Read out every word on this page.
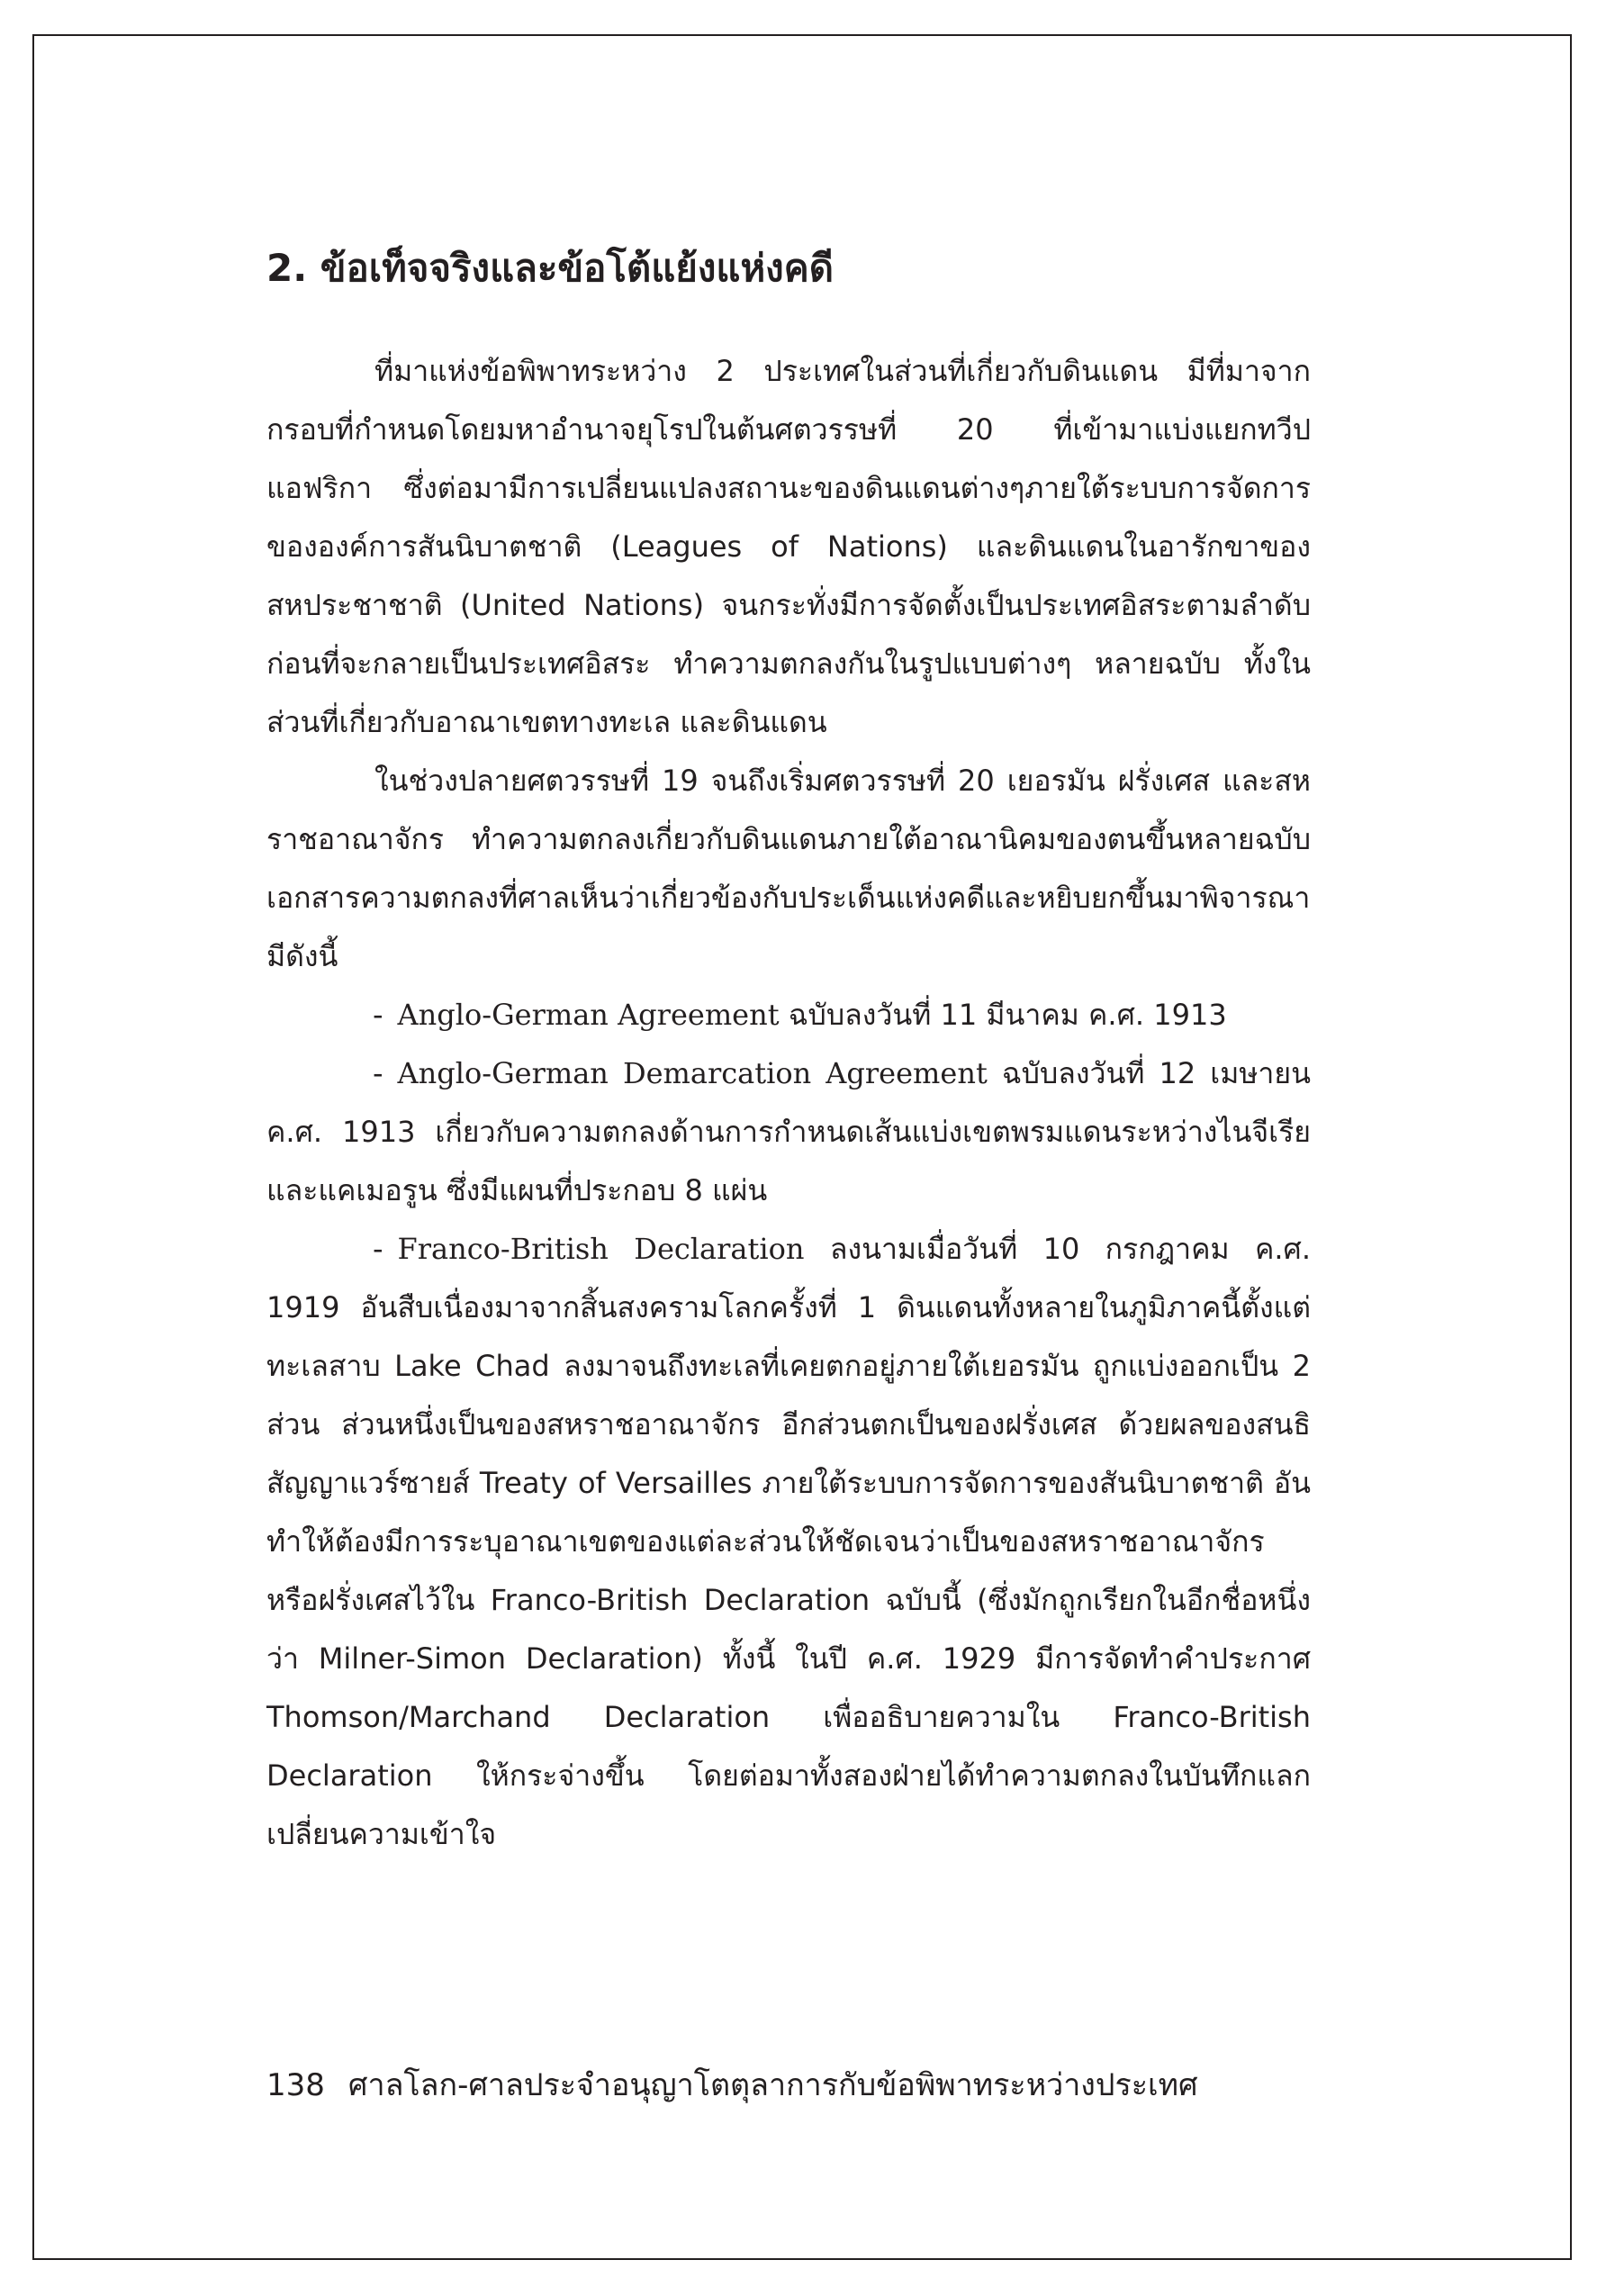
2. ข้อเท็จจริงและข้อโต้แย้งแห่งคดี

ที่มาแห่งข้อพิพาทระหว่าง 2 ประเทศในส่วนที่เกี่ยวกับดินแดน มีที่มาจากกรอบที่กำหนดโดยมหาอำนาจยุโรปในต้นศตวรรษที่ 20 ที่เข้ามาแบ่งแยกทวีปแอฟริกา ซึ่งต่อมามีการเปลี่ยนแปลงสถานะของดินแดนต่างๆภายใต้ระบบการจัดการขององค์การสันนิบาตชาติ (Leagues of Nations) และดินแดนในอารักขาของสหประชาชาติ (United Nations) จนกระทั่งมีการจัดตั้งเป็นประเทศอิสระตามลำดับ ก่อนที่จะกลายเป็นประเทศอิสระ ทำความตกลงกันในรูปแบบต่างๆ หลายฉบับ ทั้งในส่วนที่เกี่ยวกับอาณาเขตทางทะเล และดินแดน

ในช่วงปลายศตวรรษที่ 19 จนถึงเริ่มศตวรรษที่ 20 เยอรมัน ฝรั่งเศส และสหราชอาณาจักร ทำความตกลงเกี่ยวกับดินแดนภายใต้อาณานิคมของตนขึ้นหลายฉบับ เอกสารความตกลงที่ศาลเห็นว่าเกี่ยวข้องกับประเด็นแห่งคดีและหยิบยกขึ้นมาพิจารณา มีดังนี้

- Anglo-German Agreement ฉบับลงวันที่ 11 มีนาคม ค.ศ. 1913

- Anglo-German Demarcation Agreement ฉบับลงวันที่ 12 เมษายน ค.ศ. 1913 เกี่ยวกับความตกลงด้านการกำหนดเส้นแบ่งเขตพรมแดนระหว่างไนจีเรียและแคเมอรูน ซึ่งมีแผนที่ประกอบ 8 แผ่น

- Franco-British Declaration ลงนามเมื่อวันที่ 10 กรกฎาคม ค.ศ. 1919 อันสืบเนื่องมาจากสิ้นสงครามโลกครั้งที่ 1 ดินแดนทั้งหลายในภูมิภาคนี้ตั้งแต่ทะเลสาบ Lake Chad ลงมาจนถึงทะเลที่เคยตกอยู่ภายใต้เยอรมัน ถูกแบ่งออกเป็น 2 ส่วน ส่วนหนึ่งเป็นของสหราชอาณาจักร อีกส่วนตกเป็นของฝรั่งเศส ด้วยผลของสนธิสัญญาแวร์ซายส์ Treaty of Versailles ภายใต้ระบบการจัดการของสันนิบาตชาติ อันทำให้ต้องมีการระบุอาณาเขตของแต่ละส่วนให้ชัดเจนว่าเป็นของสหราชอาณาจักรหรือฝรั่งเศสไว้ใน Franco-British Declaration ฉบับนี้ (ซึ่งมักถูกเรียกในอีกชื่อหนึ่งว่า Milner-Simon Declaration) ทั้งนี้ ในปี ค.ศ. 1929 มีการจัดทำคำประกาศ Thomson/Marchand Declaration เพื่ออธิบายความใน Franco-British Declaration ให้กระจ่างขึ้น โดยต่อมาทั้งสองฝ่ายได้ทำความตกลงในบันทึกแลกเปลี่ยนความเข้าใจ

138 ศาลโลก-ศาลประจำอนุญาโตตุลาการกับข้อพิพาทระหว่างประเทศ
